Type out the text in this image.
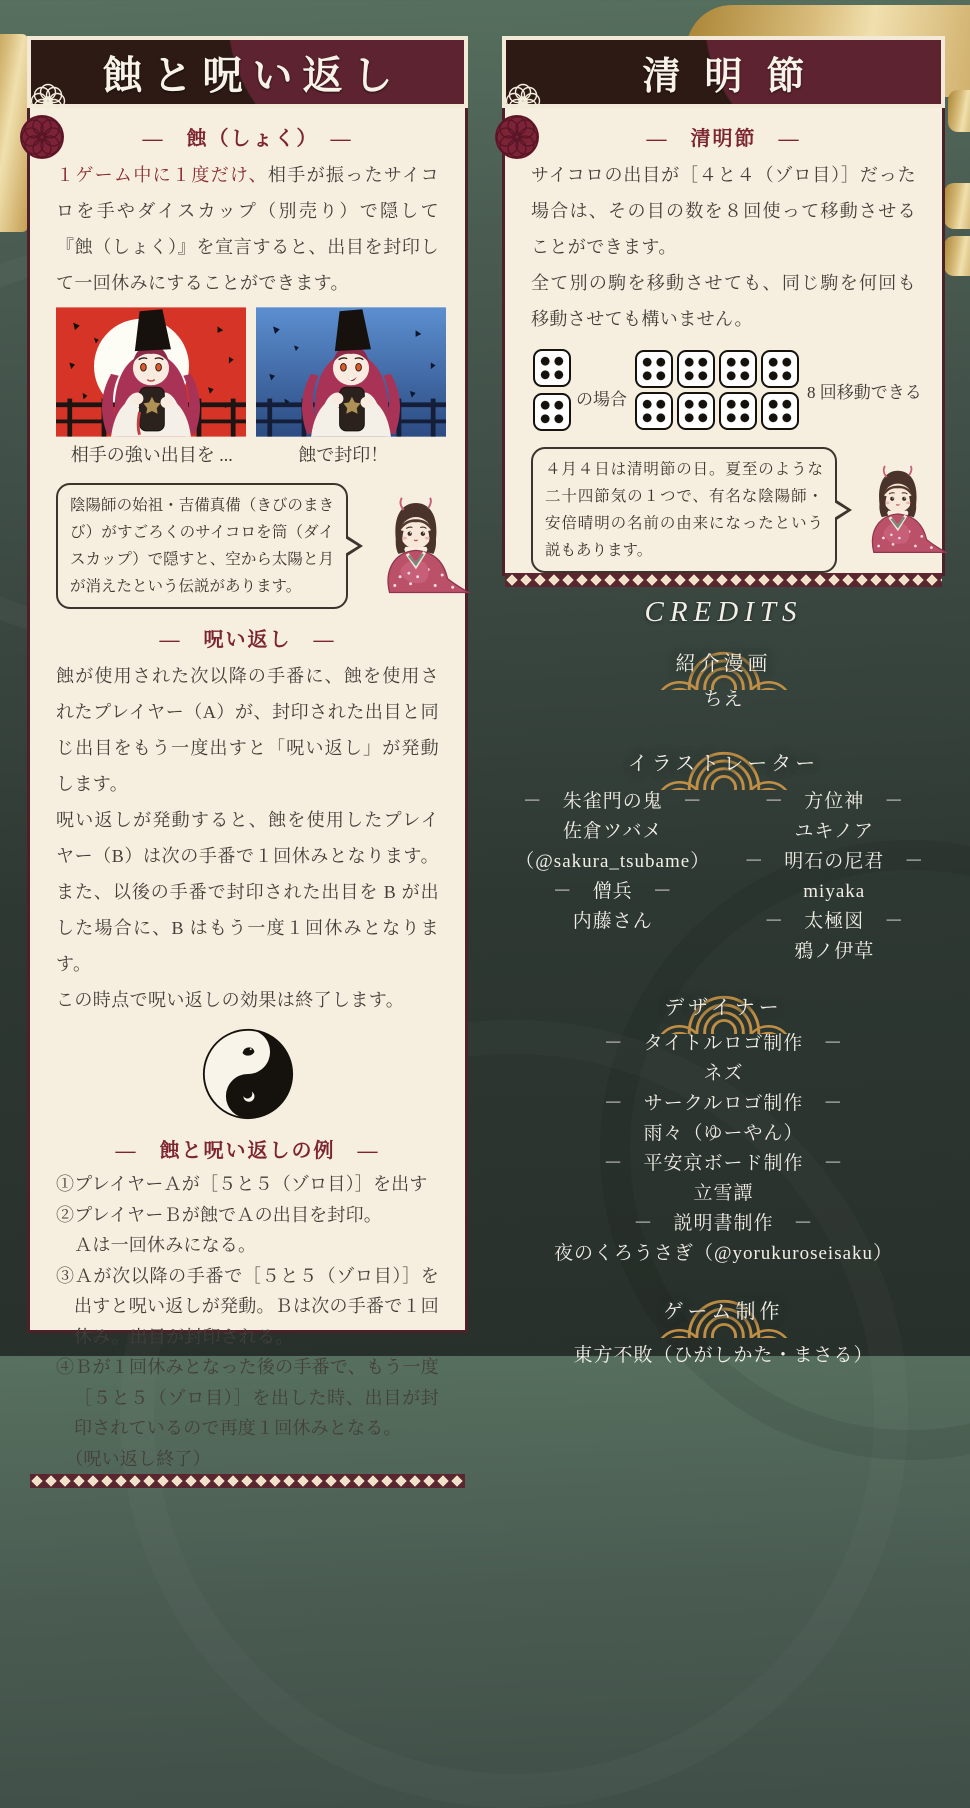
蝕と呪い返し
—　蝕（しょく）　—

１ゲーム中に１度だけ、相手が振ったサイコロを手やダイスカップ（別売り）で隠して『蝕（しょく）』を宣言すると、出目を封印して一回休みにすることができます。

相手の強い出目を ...	蝕で封印！
陰陽師の始祖・吉備真備（きびのまきび）がすごろくのサイコロを筒（ダイスカップ）で隠すと、空から太陽と月が消えたという伝説があります。
—　呪い返し　—

蝕が使用された次以降の手番に、蝕を使用されたプレイヤー（A）が、封印された出目と同じ出目をもう一度出すと「呪い返し」が発動します。

呪い返しが発動すると、蝕を使用したプレイヤー（B）は次の手番で１回休みとなります。また、以後の手番で封印された出目を B が出した場合に、B はもう一度１回休みとなります。

この時点で呪い返しの効果は終了します。

—　蝕と呪い返しの例　—
①プレイヤーＡが［５と５（ゾロ目）］を出す
②プレイヤーＢが蝕でＡの出目を封印。
　Ａは一回休みになる。
③Ａが次以降の手番で［５と５（ゾロ目）］を出すと呪い返しが発動。Ｂは次の手番で１回休み。出目が封印される。
④Ｂが１回休みとなった後の手番で、もう一度［５と５（ゾロ目）］を出した時、出目が封印されているので再度１回休みとなる。
　（呪い返し終了）
清明節
—　清明節　—

サイコロの出目が［４と４（ゾロ目）］だった場合は、その目の数を８回使って移動させることができます。

全て別の駒を移動させても、同じ駒を何回も移動させても構いません。

の場合	8 回移動できる
４月４日は清明節の日。夏至のような二十四節気の１つで、有名な陰陽師・安倍晴明の名前の由来になったという説もあります。
CREDITS
紹介漫画
ちえ
イラストレーター
－　朱雀門の鬼　－
佐倉ツバメ
（@sakura_tsubame）
－　僧兵　－
内藤さん
－　方位神　－
ユキノア
－　明石の尼君　－
miyaka
－　太極図　－
鴉ノ伊草
デザイナー
－　タイトルロゴ制作　－
ネズ
－　サークルロゴ制作　－
雨々（ゆーやん）
－　平安京ボード制作　－
立雪譚
－　説明書制作　－
夜のくろうさぎ（@yorukuroseisaku）
ゲーム制作
東方不敗（ひがしかた・まさる）
